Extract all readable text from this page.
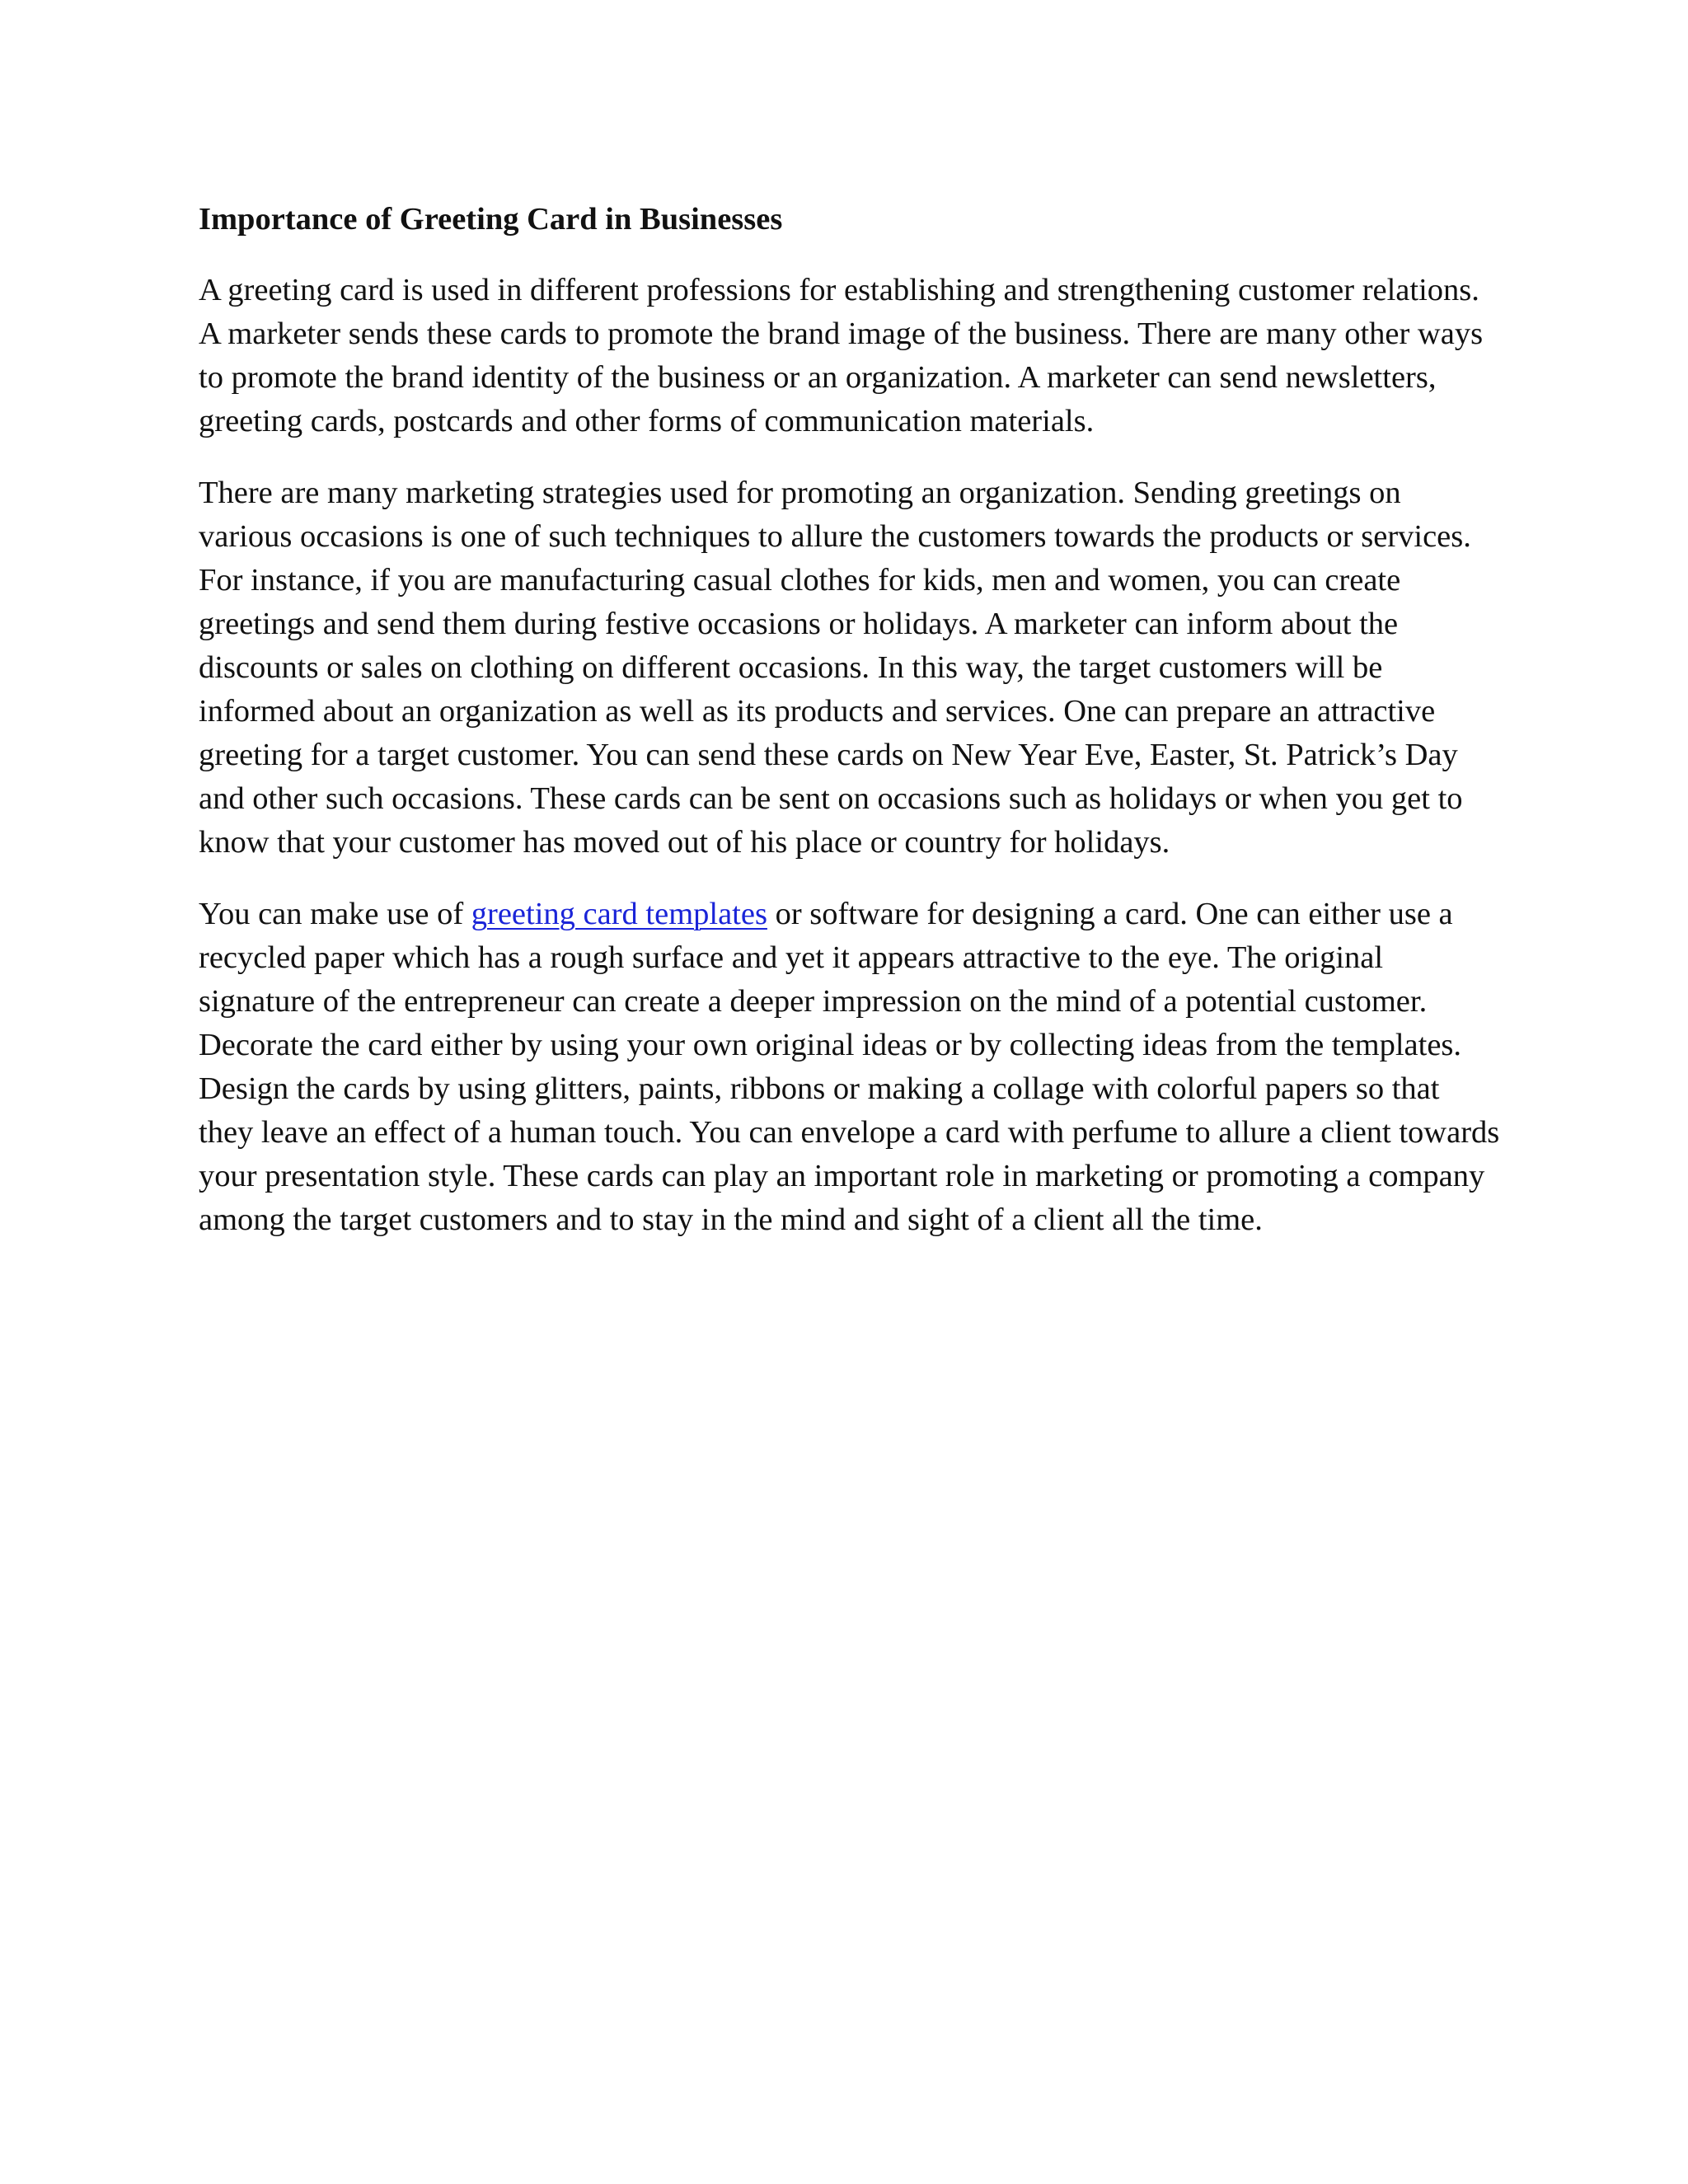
Importance of Greeting Card in Businesses

A greeting card is used in different professions for establishing and strengthening customer relations. A marketer sends these cards to promote the brand image of the business. There are many other ways to promote the brand identity of the business or an organization. A marketer can send newsletters, greeting cards, postcards and other forms of communication materials.

There are many marketing strategies used for promoting an organization. Sending greetings on various occasions is one of such techniques to allure the customers towards the products or services. For instance, if you are manufacturing casual clothes for kids, men and women, you can create greetings and send them during festive occasions or holidays. A marketer can inform about the discounts or sales on clothing on different occasions. In this way, the target customers will be informed about an organization as well as its products and services. One can prepare an attractive greeting for a target customer. You can send these cards on New Year Eve, Easter, St. Patrick’s Day and other such occasions. These cards can be sent on occasions such as holidays or when you get to know that your customer has moved out of his place or country for holidays.

You can make use of greeting card templates or software for designing a card. One can either use a recycled paper which has a rough surface and yet it appears attractive to the eye. The original signature of the entrepreneur can create a deeper impression on the mind of a potential customer. Decorate the card either by using your own original ideas or by collecting ideas from the templates. Design the cards by using glitters, paints, ribbons or making a collage with colorful papers so that they leave an effect of a human touch. You can envelope a card with perfume to allure a client towards your presentation style. These cards can play an important role in marketing or promoting a company among the target customers and to stay in the mind and sight of a client all the time.
